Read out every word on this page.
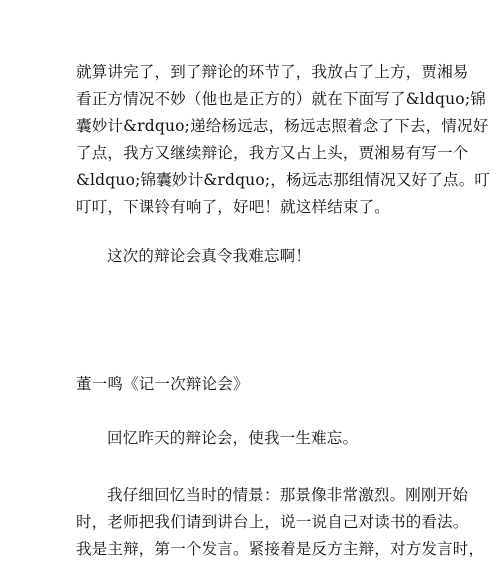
就算讲完了，到了辩论的环节了，我放占了上方，贾湘易
看正方情况不妙（他也是正方的）就在下面写了&ldquo;锦
囊妙计&rdquo;递给杨远志，杨远志照着念了下去，情况好
了点，我方又继续辩论，我方又占上头，贾湘易有写一个
&ldquo;锦囊妙计&rdquo;，杨远志那组情况又好了点。叮
叮叮，下课铃有响了，好吧！就这样结束了。

这次的辩论会真令我难忘啊！

董一鸣《记一次辩论会》

回忆昨天的辩论会，使我一生难忘。

我仔细回忆当时的情景：那景像非常激烈。刚刚开始
时，老师把我们请到讲台上，说一说自己对读书的看法。
我是主辩，第一个发言。紧接着是反方主辩，对方发言时，
